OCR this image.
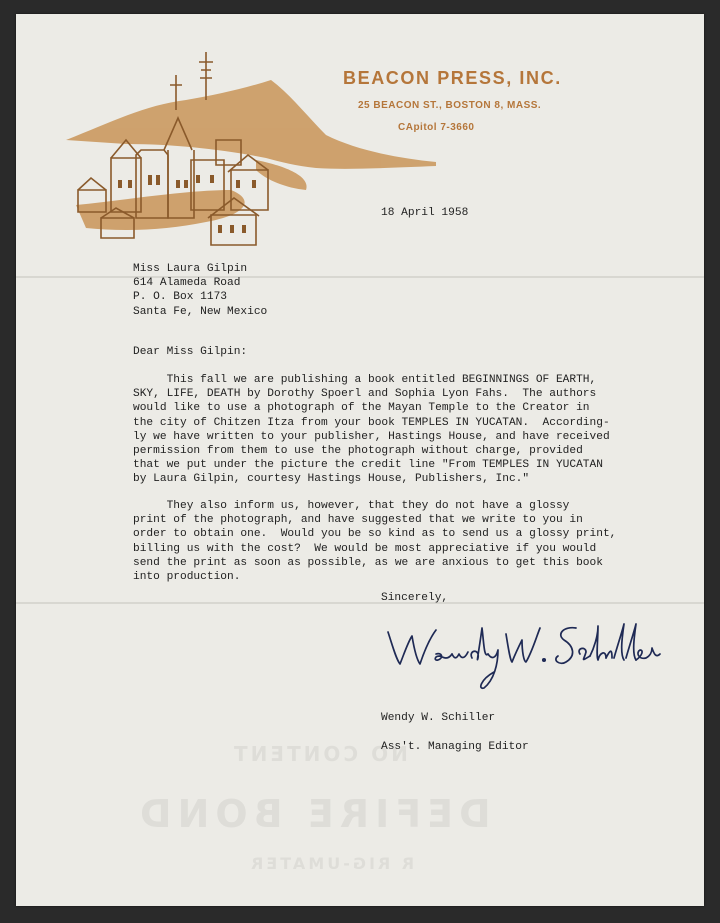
BEACON PRESS, INC.
25 BEACON ST., BOSTON 8, MASS.
CApitol 7-3660
18 April 1958
Miss Laura Gilpin
614 Alameda Road
P. O. Box 1173
Santa Fe, New Mexico
Dear Miss Gilpin:
This fall we are publishing a book entitled BEGINNINGS OF EARTH,
SKY, LIFE, DEATH by Dorothy Spoerl and Sophia Lyon Fahs.  The authors
would like to use a photograph of the Mayan Temple to the Creator in
the city of Chitzen Itza from your book TEMPLES IN YUCATAN.  According-
ly we have written to your publisher, Hastings House, and have received
permission from them to use the photograph without charge, provided
that we put under the picture the credit line "From TEMPLES IN YUCATAN
by Laura Gilpin, courtesy Hastings House, Publishers, Inc."
They also inform us, however, that they do not have a glossy
print of the photograph, and have suggested that we write to you in
order to obtain one.  Would you be so kind as to send us a glossy print,
billing us with the cost?  We would be most appreciative if you would
send the print as soon as possible, as we are anxious to get this book
into production.
Sincerely,
Wendy W. Schiller
Ass't. Managing Editor
NO CONTENT
DEFIRE BOND
R RIG-UMATER
